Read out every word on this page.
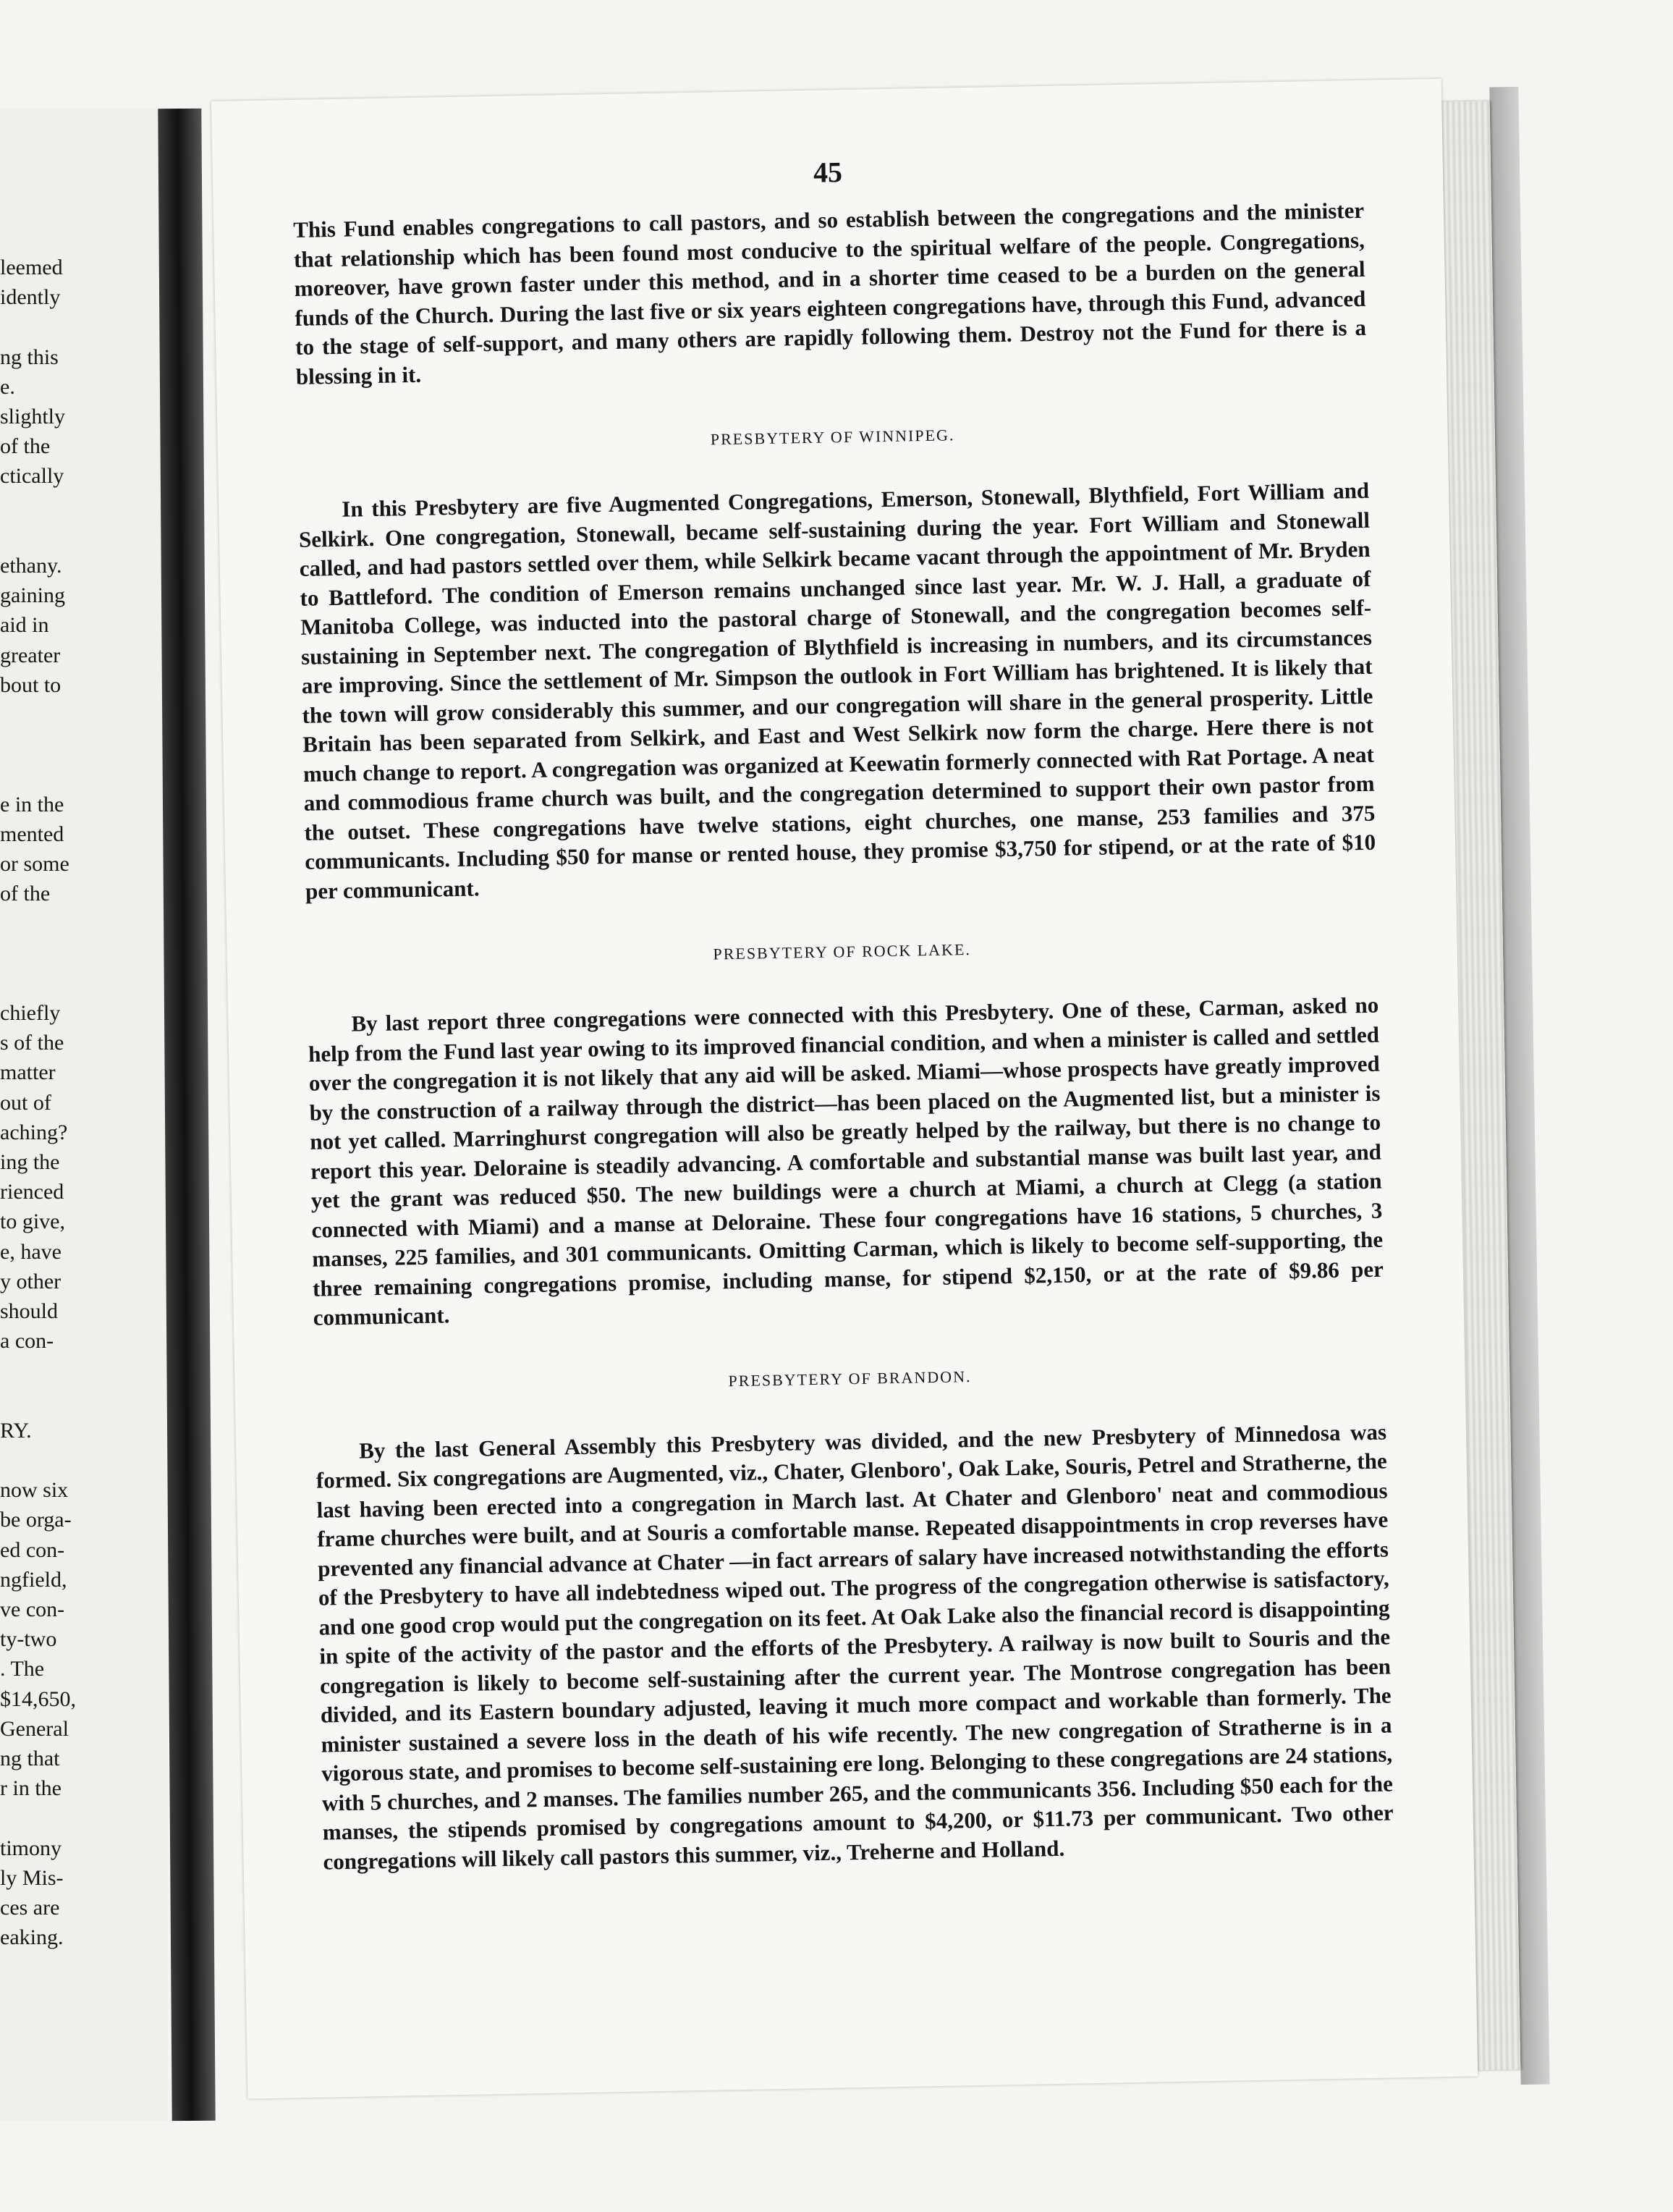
leemed
idently
ng this
e.
slightly
of the
ctically
ethany.
gaining
aid in
greater
bout to
e in the
mented
or some
of the
chiefly
s of the
matter
out of
aching?
ing the
rienced
to give,
e, have
y other
should
a con-
RY.
now six
be orga-
ed con-
ngfield,
ve con-
ty-two
. The
$14,650,
General
ng that
r in the
timony
ly Mis-
ces are
eaking.
45

This Fund enables congregations to call pastors, and so establish between the congregations and the minister that relationship which has been found most conducive to the spiritual welfare of the people. Congregations, moreover, have grown faster under this method, and in a shorter time ceased to be a burden on the general funds of the Church. During the last five or six years eighteen congregations have, through this Fund, advanced to the stage of self-support, and many others are rapidly following them. Destroy not the Fund for there is a blessing in it.

PRESBYTERY OF WINNIPEG.

In this Presbytery are five Augmented Congregations, Emerson, Stonewall, Blythfield, Fort William and Selkirk. One congregation, Stonewall, became self-sustaining during the year. Fort William and Stonewall called, and had pastors settled over them, while Selkirk became vacant through the appointment of Mr. Bryden to Battleford. The condition of Emerson remains unchanged since last year. Mr. W. J. Hall, a graduate of Manitoba College, was inducted into the pastoral charge of Stonewall, and the congregation becomes self-sustaining in September next. The congregation of Blythfield is increasing in numbers, and its circumstances are improving. Since the settlement of Mr. Simpson the outlook in Fort William has brightened. It is likely that the town will grow considerably this summer, and our congregation will share in the general prosperity. Little Britain has been separated from Selkirk, and East and West Selkirk now form the charge. Here there is not much change to report. A congregation was organized at Keewatin formerly connected with Rat Portage. A neat and commodious frame church was built, and the congregation determined to support their own pastor from the outset. These congregations have twelve stations, eight churches, one manse, 253 families and 375 communicants. Including $50 for manse or rented house, they promise $3,750 for stipend, or at the rate of $10 per communicant.

PRESBYTERY OF ROCK LAKE.

By last report three congregations were connected with this Presbytery. One of these, Carman, asked no help from the Fund last year owing to its improved financial condition, and when a minister is called and settled over the congregation it is not likely that any aid will be asked. Miami—whose prospects have greatly improved by the construction of a railway through the district—has been placed on the Augmented list, but a minister is not yet called. Marringhurst congregation will also be greatly helped by the railway, but there is no change to report this year. Deloraine is steadily advancing. A comfortable and substantial manse was built last year, and yet the grant was reduced $50. The new buildings were a church at Miami, a church at Clegg (a station connected with Miami) and a manse at Deloraine. These four congregations have 16 stations, 5 churches, 3 manses, 225 families, and 301 communicants. Omitting Carman, which is likely to become self-supporting, the three remaining congregations promise, including manse, for stipend $2,150, or at the rate of $9.86 per communicant.

PRESBYTERY OF BRANDON.

By the last General Assembly this Presbytery was divided, and the new Presbytery of Minnedosa was formed. Six congregations are Augmented, viz., Chater, Glenboro', Oak Lake, Souris, Petrel and Stratherne, the last having been erected into a congregation in March last. At Chater and Glenboro' neat and commodious frame churches were built, and at Souris a comfortable manse. Repeated disappointments in crop reverses have prevented any financial advance at Chater —in fact arrears of salary have increased notwithstanding the efforts of the Presbytery to have all indebtedness wiped out. The progress of the congregation otherwise is satisfactory, and one good crop would put the congregation on its feet. At Oak Lake also the financial record is disappointing in spite of the activity of the pastor and the efforts of the Presbytery. A railway is now built to Souris and the congregation is likely to become self-sustaining after the current year. The Montrose congregation has been divided, and its Eastern boundary adjusted, leaving it much more compact and workable than formerly. The minister sustained a severe loss in the death of his wife recently. The new congregation of Stratherne is in a vigorous state, and promises to become self-sustaining ere long. Belonging to these congregations are 24 stations, with 5 churches, and 2 manses. The families number 265, and the communicants 356. Including $50 each for the manses, the stipends promised by congregations amount to $4,200, or $11.73 per communicant. Two other congregations will likely call pastors this summer, viz., Treherne and Holland.
